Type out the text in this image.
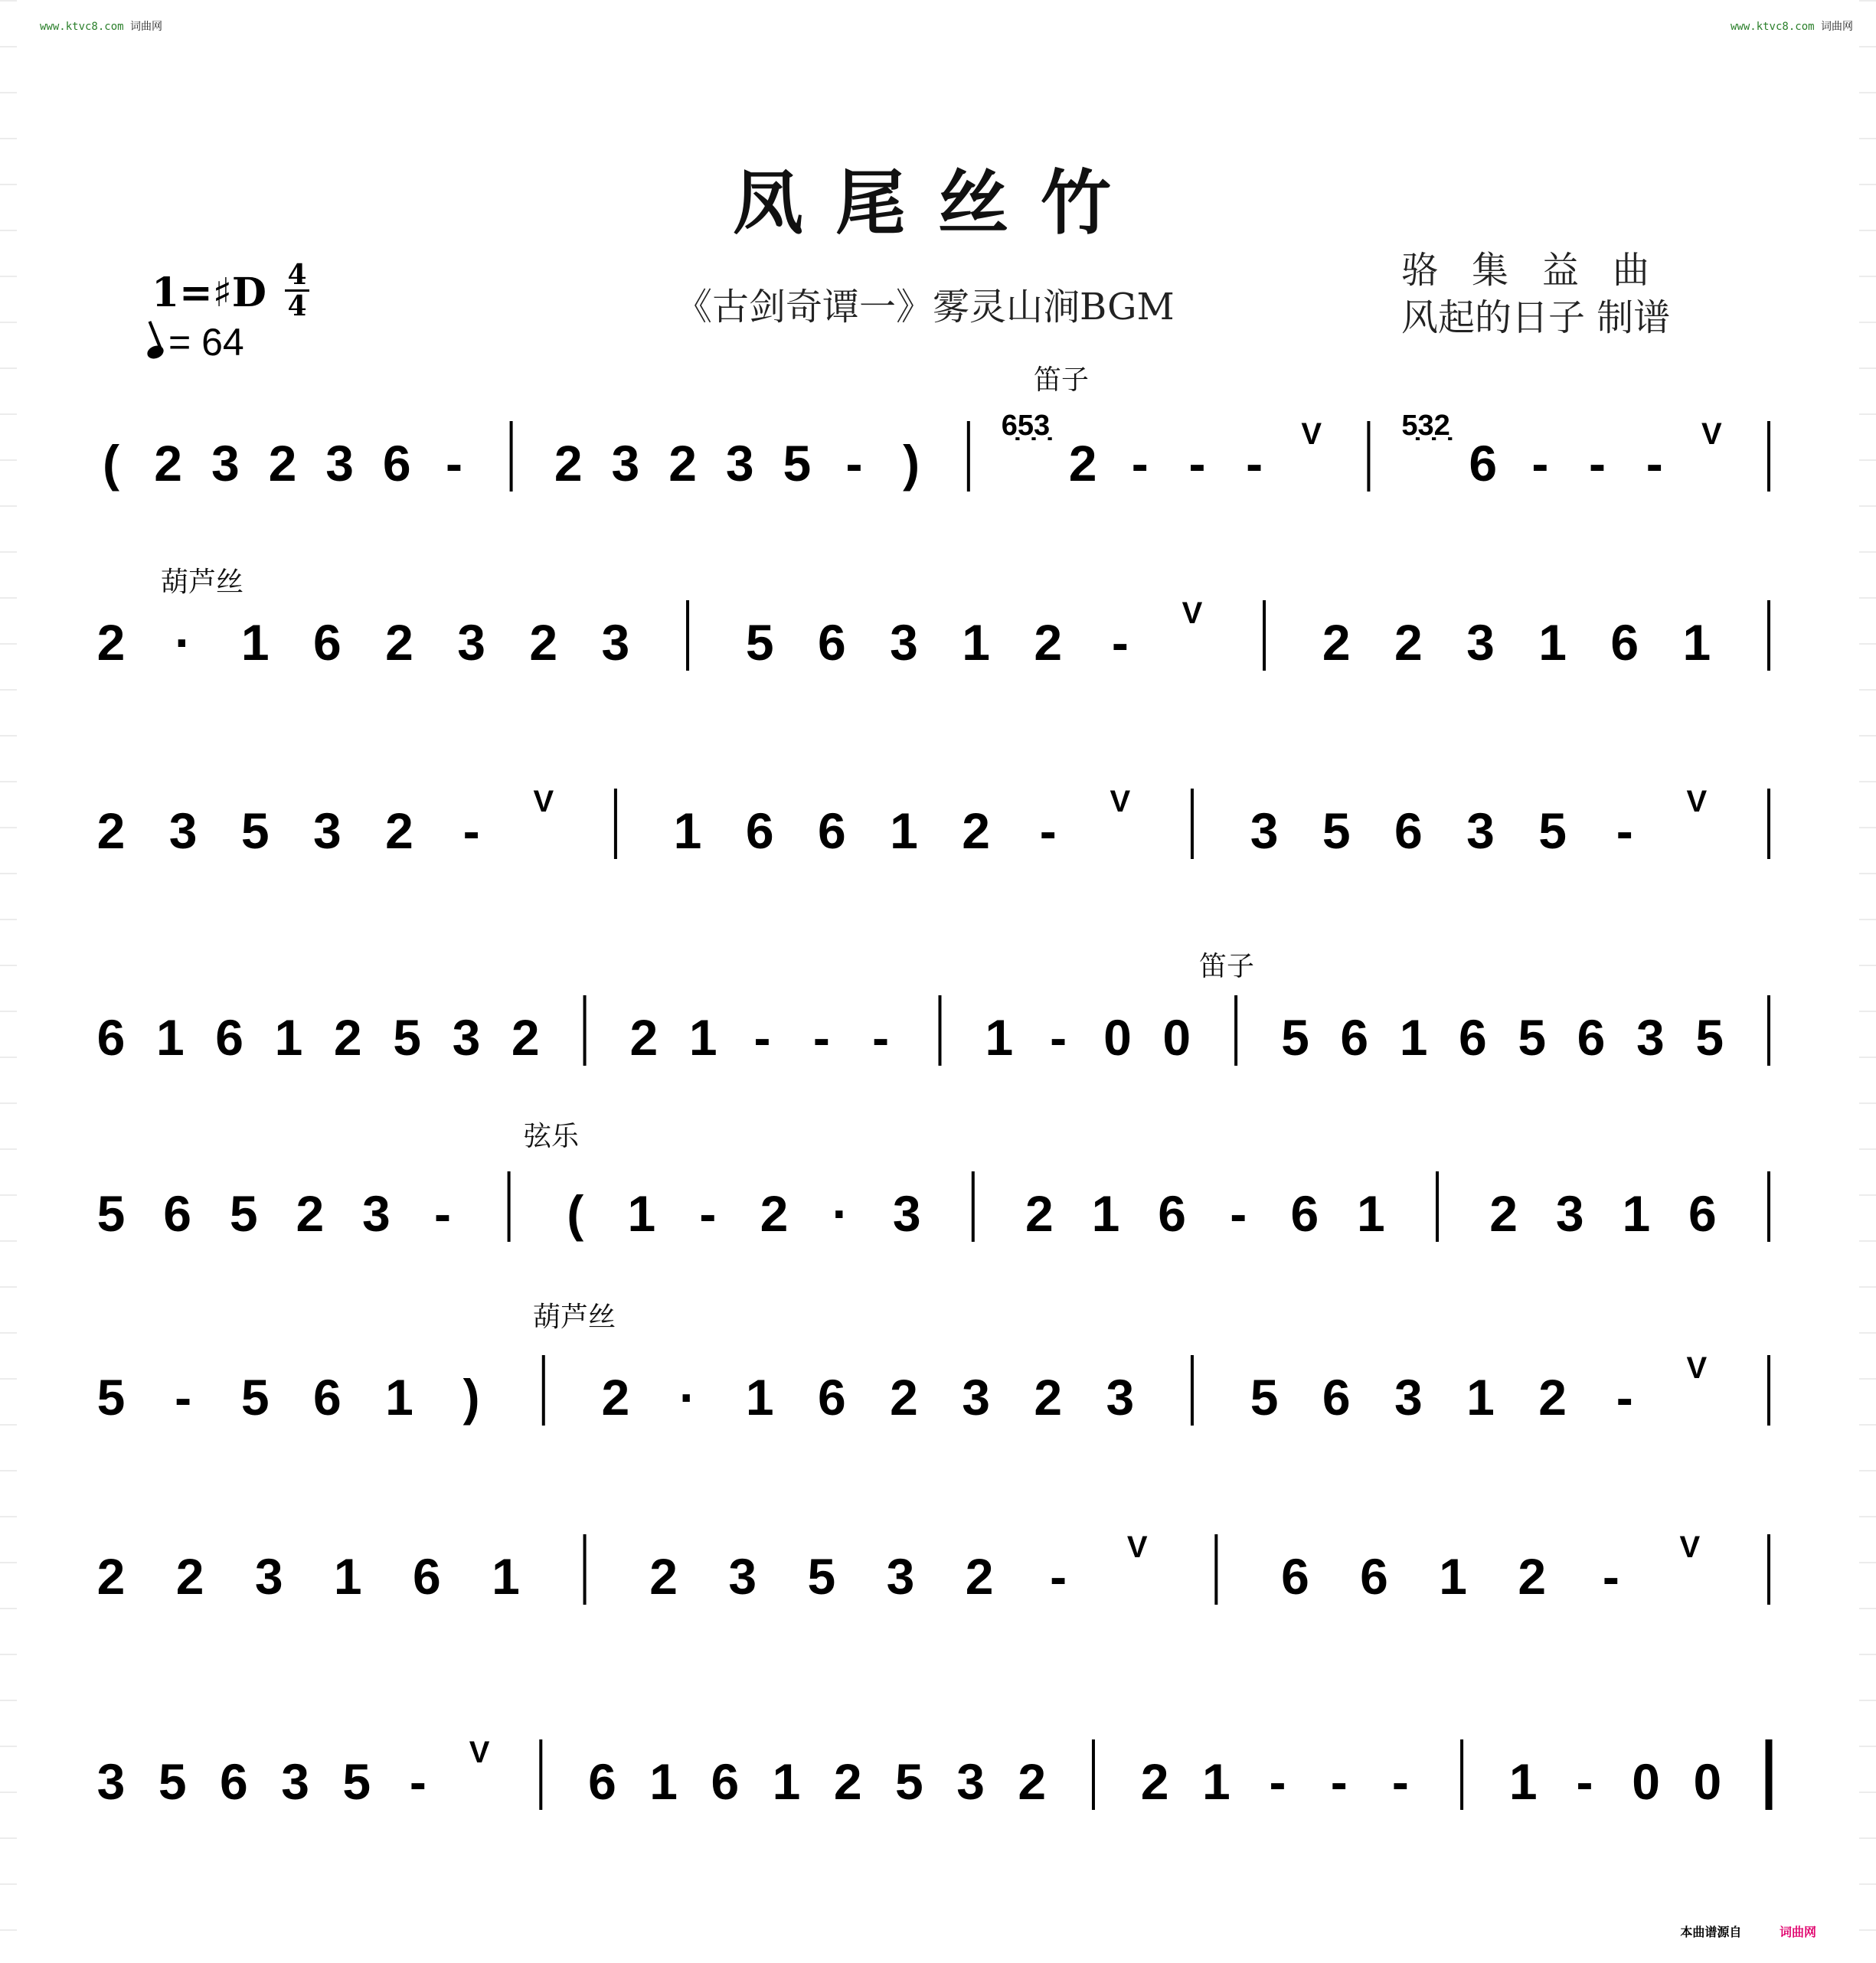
www.ktvc8.com 词曲网	www.ktvc8.com 词曲网
凤尾丝竹
1=♯D 4
4
= 64
《古剑奇谭一》雾灵山涧BGM
骆集益曲
风起的日子 制谱
笛子
葫芦丝
笛子
弦乐
葫芦丝
( 2 3 2 3 6 - 2 3 2 3 5 - )
6̣5̣3̣
2 - - -
V	5̣3̣2̣
6 - - -
V
2 · 1 6 2 3 2 3 5 6 3 1 2 -
V
2 2 3 1 6 1
2 3 5 3 2 -
V
1 6 6 1 2 -
V
3 5 6 3 5 -
V
6 1 6 1 2 5 3 2 2 1 - - - 1 - 0 0 5 6 1 6 5 6 3 5
5 6 5 2 3 - ( 1 - 2 · 3 2 1 6 - 6 1 2 3 1 6
5 - 5 6 1 ) 2 · 1 6 2 3 2 3 5 6 3 1 2 -
V
2 2 3 1 6 1	2 3 5 3 2 -
V
6 6 1 2 -
V
3 5 6 3 5 -
V
6 1 6 1 2 5 3 2 2 1 - - - 1 - 0 0
本曲谱源自	词曲网
